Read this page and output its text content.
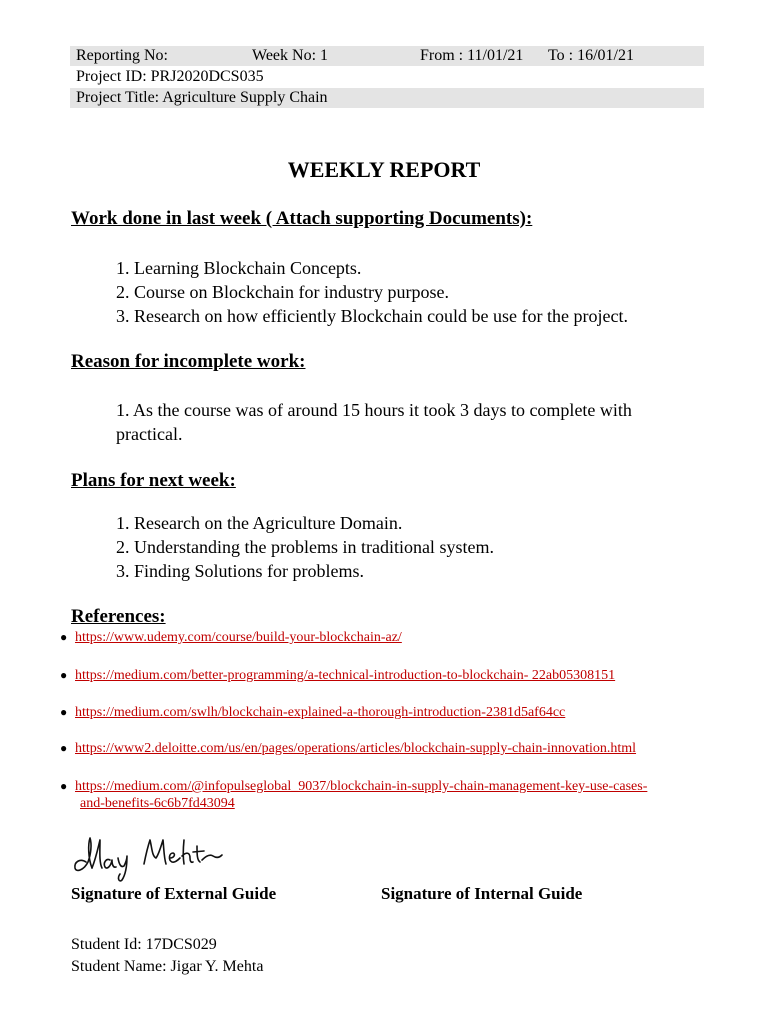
Reporting No:	Week No: 1	From : 11/01/21 To : 16/01/21
Project ID: PRJ2020DCS035
Project Title: Agriculture Supply Chain
WEEKLY REPORT
Work done in last week ( Attach supporting Documents):
1. Learning Blockchain Concepts.
2. Course on Blockchain for industry purpose.
3. Research on how efficiently Blockchain could be use for the project.
Reason for incomplete work:
1. As the course was of around 15 hours it took 3 days to complete with
practical.
Plans for next week:
1. Research on the Agriculture Domain.
2. Understanding the problems in traditional system.
3. Finding Solutions for problems.
References:
● https://www.udemy.com/course/build-your-blockchain-az/
● https://medium.com/better-programming/a-technical-introduction-to-blockchain- 22ab05308151
● https://medium.com/swlh/blockchain-explained-a-thorough-introduction-2381d5af64cc
● https://www2.deloitte.com/us/en/pages/operations/articles/blockchain-supply-chain-innovation.html
● https://medium.com/@infopulseglobal_9037/blockchain-in-supply-chain-management-key-use-cases-
and-benefits-6c6b7fd43094
Signature of External Guide	Signature of Internal Guide
Student Id: 17DCS029
Student Name: Jigar Y. Mehta
